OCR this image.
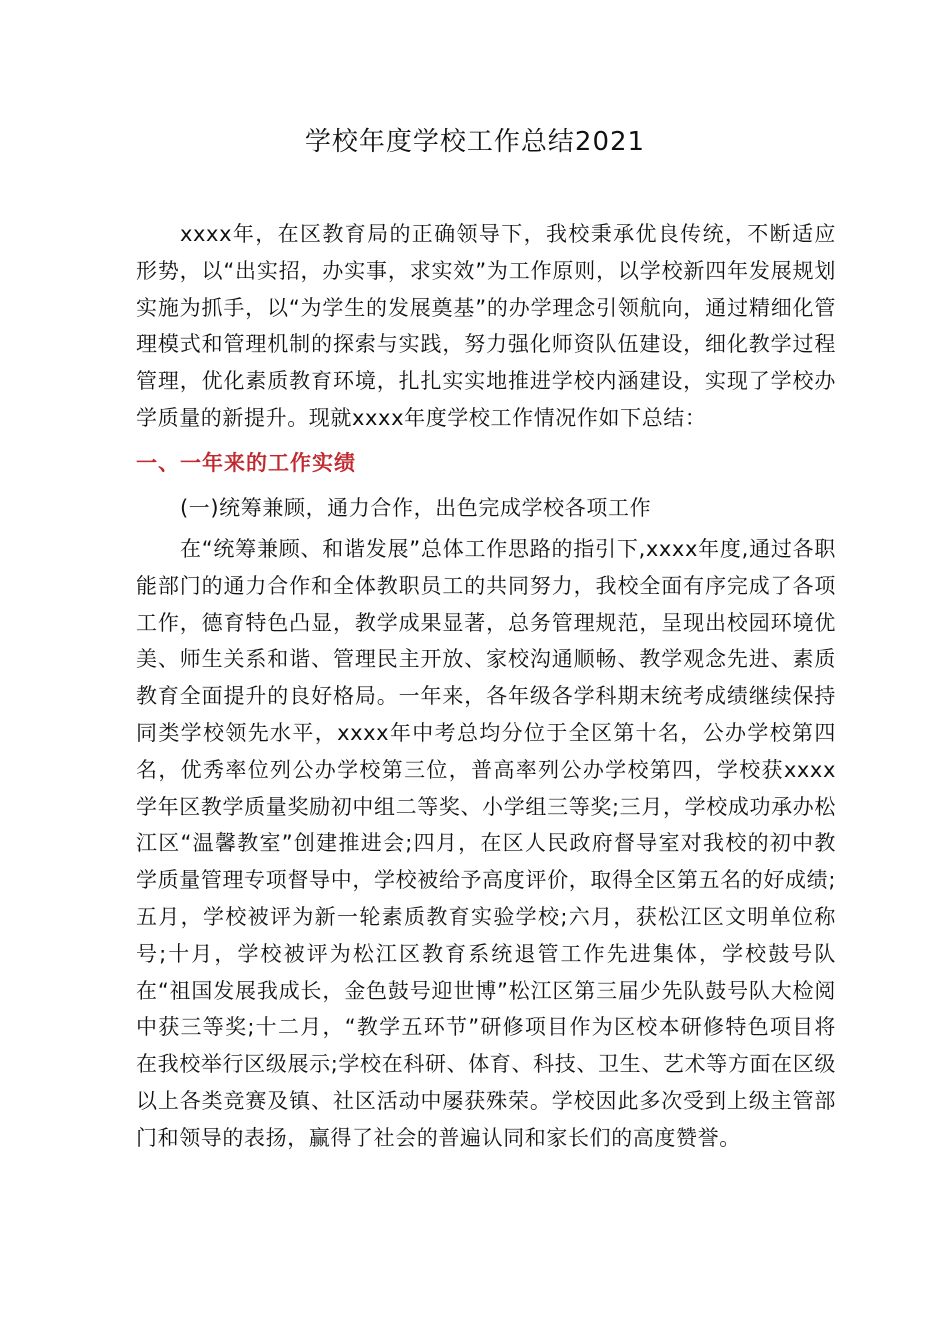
学校年度学校工作总结2021

xxxx年，在区教育局的正确领导下，我校秉承优良传统，不断适应形势，以“出实招，办实事，求实效”为工作原则，以学校新四年发展规划实施为抓手，以“为学生的发展奠基”的办学理念引领航向，通过精细化管理模式和管理机制的探索与实践，努力强化师资队伍建设，细化教学过程管理，优化素质教育环境，扎扎实实地推进学校内涵建设，实现了学校办学质量的新提升。现就xxxx年度学校工作情况作如下总结：

一、一年来的工作实绩
(一)统筹兼顾，通力合作，出色完成学校各项工作

在“统筹兼顾、和谐发展”总体工作思路的指引下,xxxx年度,通过各职能部门的通力合作和全体教职员工的共同努力，我校全面有序完成了各项工作，德育特色凸显，教学成果显著，总务管理规范，呈现出校园环境优美、师生关系和谐、管理民主开放、家校沟通顺畅、教学观念先进、素质教育全面提升的良好格局。一年来，各年级各学科期末统考成绩继续保持同类学校领先水平，xxxx年中考总均分位于全区第十名，公办学校第四名，优秀率位列公办学校第三位，普高率列公办学校第四，学校获xxxx学年区教学质量奖励初中组二等奖、小学组三等奖;三月，学校成功承办松江区“温馨教室”创建推进会;四月，在区人民政府督导室对我校的初中教学质量管理专项督导中，学校被给予高度评价，取得全区第五名的好成绩;五月，学校被评为新一轮素质教育实验学校;六月，获松江区文明单位称号;十月，学校被评为松江区教育系统退管工作先进集体，学校鼓号队在“祖国发展我成长，金色鼓号迎世博”松江区第三届少先队鼓号队大检阅中获三等奖;十二月，“教学五环节”研修项目作为区校本研修特色项目将在我校举行区级展示;学校在科研、体育、科技、卫生、艺术等方面在区级以上各类竞赛及镇、社区活动中屡获殊荣。学校因此多次受到上级主管部门和领导的表扬，赢得了社会的普遍认同和家长们的高度赞誉。
